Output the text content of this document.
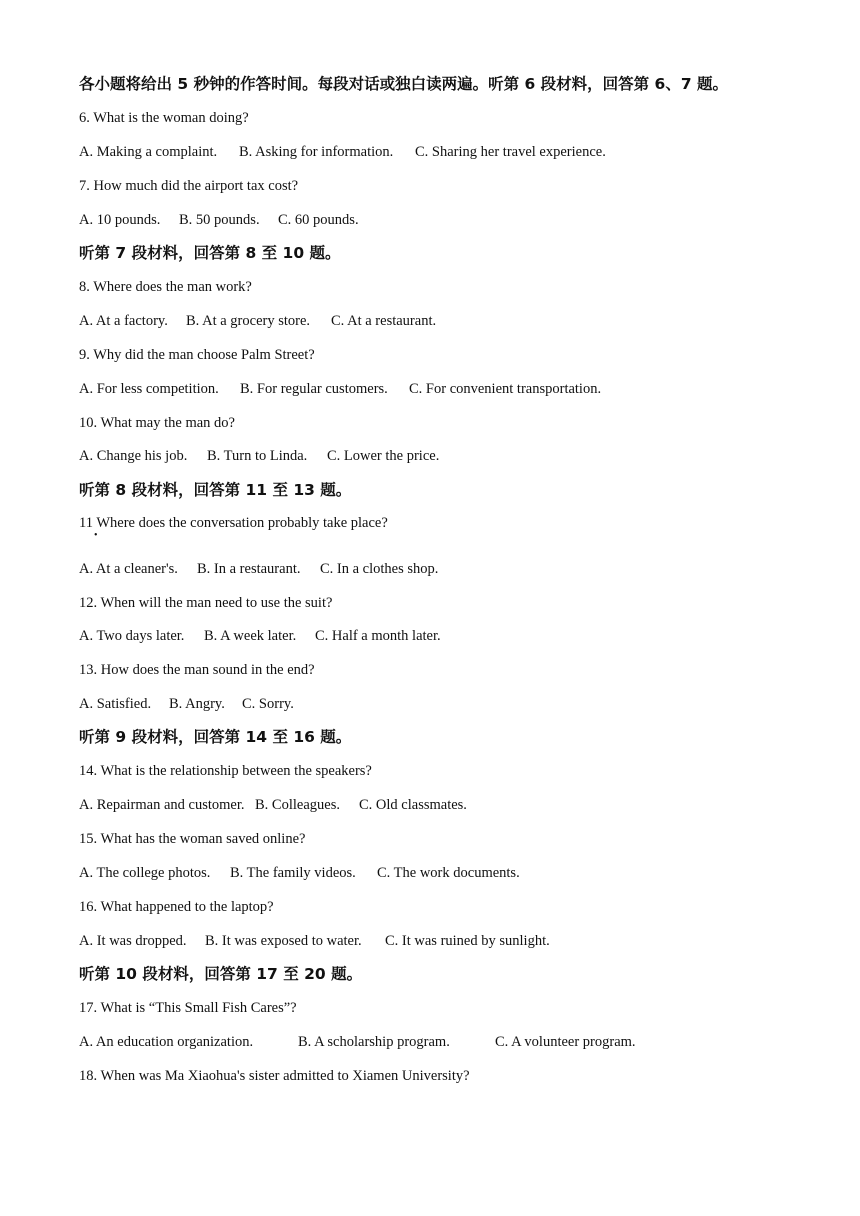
各小题将给出 5 秒钟的作答时间。每段对话或独白读两遍。听第 6 段材料，回答第 6、7 题。
6. What is the woman doing?
A. Making a complaint. B. Asking for information. C. Sharing her travel experience.
7. How much did the airport tax cost?
A. 10 pounds. B. 50 pounds. C. 60 pounds.
听第 7 段材料，回答第 8 至 10 题。
8. Where does the man work?
A. At a factory. B. At a grocery store. C. At a restaurant.
9. Why did the man choose Palm Street?
A. For less competition. B. For regular customers. C. For convenient transportation.
10. What may the man do?
A. Change his job. B. Turn to Linda. C. Lower the price.
听第 8 段材料，回答第 11 至 13 题。
11 Where does the conversation probably take place?
•
A. At a cleaner's. B. In a restaurant. C. In a clothes shop.
12. When will the man need to use the suit?
A. Two days later. B. A week later. C. Half a month later.
13. How does the man sound in the end?
A. Satisfied. B. Angry. C. Sorry.
听第 9 段材料，回答第 14 至 16 题。
14. What is the relationship between the speakers?
A. Repairman and customer. B. Colleagues. C. Old classmates.
15. What has the woman saved online?
A. The college photos. B. The family videos. C. The work documents.
16. What happened to the laptop?
A. It was dropped. B. It was exposed to water. C. It was ruined by sunlight.
听第 10 段材料，回答第 17 至 20 题。
17. What is “This Small Fish Cares”?
A. An education organization.	B. A scholarship program.	C. A volunteer program.
18. When was Ma Xiaohua's sister admitted to Xiamen University?
